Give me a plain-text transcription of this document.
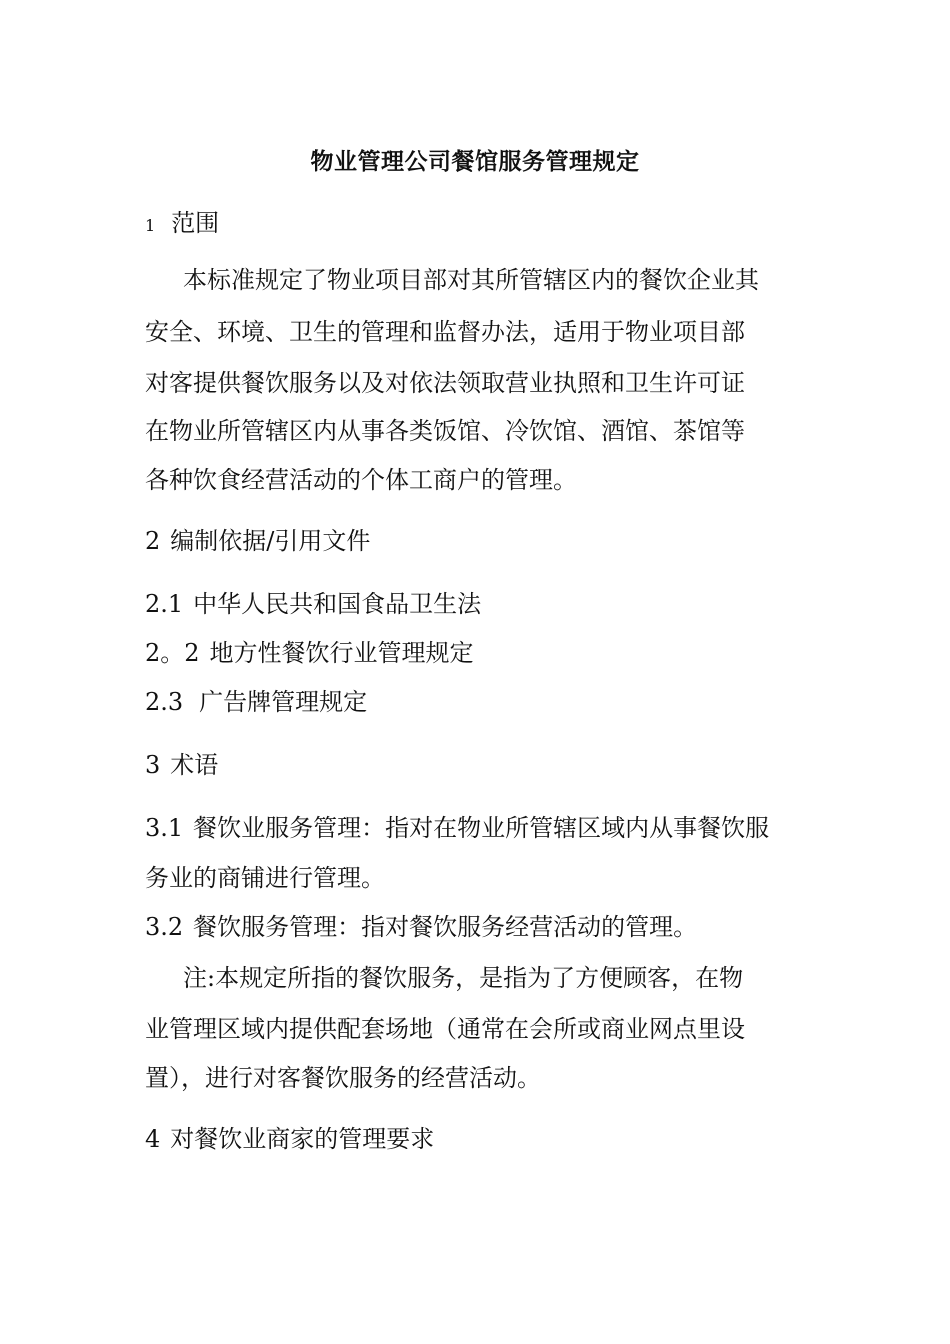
物业管理公司餐馆服务管理规定
1 范围
本标准规定了物业项目部对其所管辖区内的餐饮企业其
安全、环境、卫生的管理和监督办法，适用于物业项目部
对客提供餐饮服务以及对依法领取营业执照和卫生许可证
在物业所管辖区内从事各类饭馆、冷饮馆、酒馆、茶馆等
各种饮食经营活动的个体工商户的管理。
2 编制依据/引用文件
2.1 中华人民共和国食品卫生法
2。2 地方性餐饮行业管理规定
2.3 广告牌管理规定
3 术语
3.1 餐饮业服务管理：指对在物业所管辖区域内从事餐饮服
务业的商铺进行管理。
3.2 餐饮服务管理：指对餐饮服务经营活动的管理。
注:本规定所指的餐饮服务，是指为了方便顾客，在物
业管理区域内提供配套场地（通常在会所或商业网点里设
置），进行对客餐饮服务的经营活动。
4 对餐饮业商家的管理要求
